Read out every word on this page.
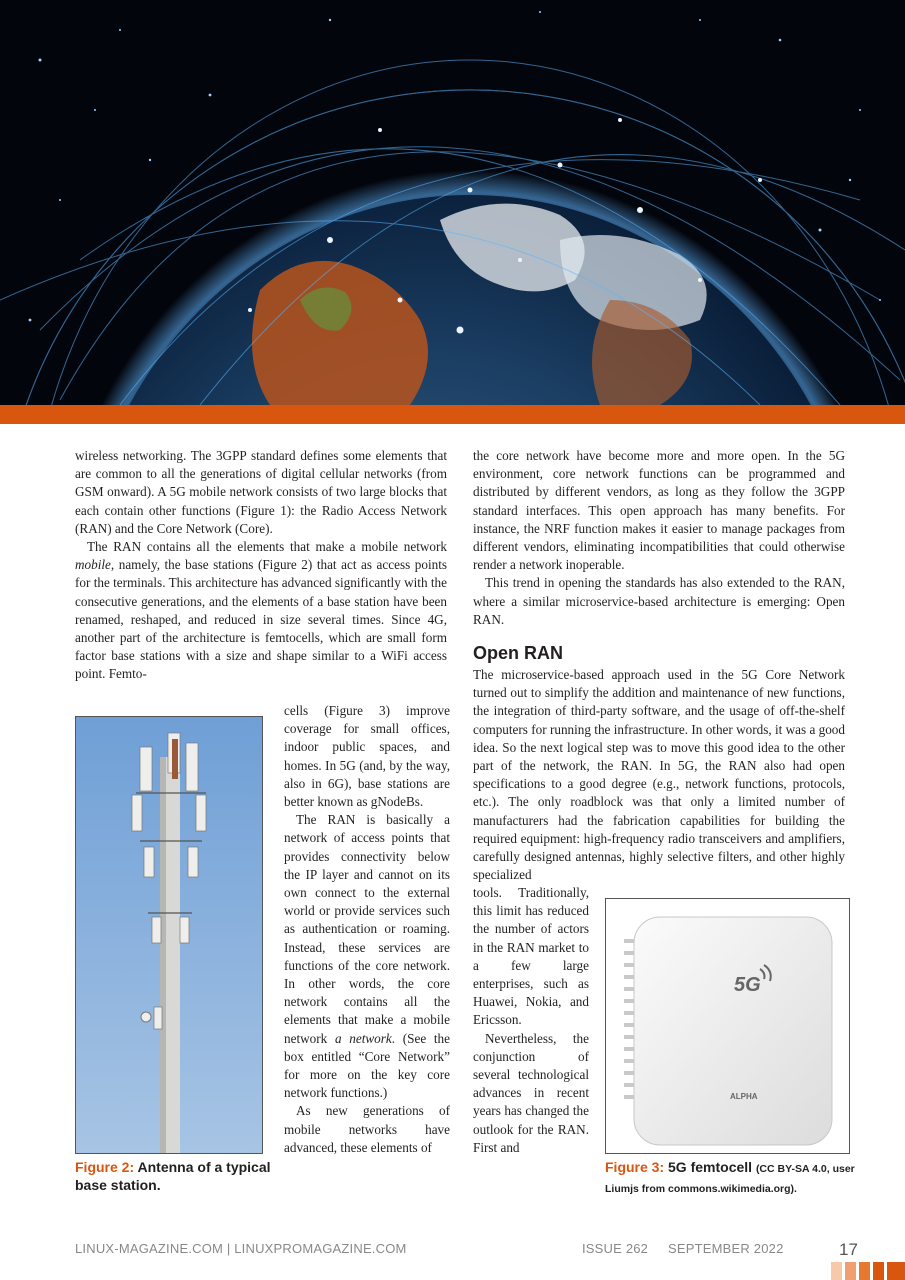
wireless networking. The 3GPP standard defines some elements that are common to all the generations of digital cellular networks (from GSM onward). A 5G mobile network consists of two large blocks that each contain other functions (Figure 1): the Radio Access Network (RAN) and the Core Network (Core).

The RAN contains all the elements that make a mobile network mobile, namely, the base stations (Figure 2) that act as access points for the terminals. This architecture has advanced significantly with the consecutive generations, and the elements of a base station have been renamed, reshaped, and reduced in size several times. Since 4G, another part of the architecture is femtocells, which are small form factor base stations with a size and shape similar to a WiFi access point. Femto-

cells (Figure 3) improve coverage for small offices, indoor public spaces, and homes. In 5G (and, by the way, also in 6G), base stations are better known as gNodeBs.

The RAN is basically a network of access points that provides connectivity below the IP layer and cannot on its own connect to the external world or provide services such as authentication or roaming. Instead, these services are functions of the core network. In other words, the core network contains all the elements that make a mobile network a network. (See the box entitled “Core Network” for more on the key core network functions.)

As new generations of mobile networks have advanced, these elements of

the core network have become more and more open. In the 5G environment, core network functions can be programmed and distributed by different vendors, as long as they follow the 3GPP standard interfaces. This open approach has many benefits. For instance, the NRF function makes it easier to manage packages from different vendors, eliminating incompatibilities that could otherwise render a network inoperable.

This trend in opening the standards has also extended to the RAN, where a similar microservice-based architecture is emerging: Open RAN.

Open RAN

The microservice-based approach used in the 5G Core Network turned out to simplify the addition and maintenance of new functions, the integration of third-party software, and the usage of off-the-shelf computers for running the infrastructure. In other words, it was a good idea. So the next logical step was to move this good idea to the other part of the network, the RAN. In 5G, the RAN also had open specifications to a good degree (e.g., network functions, protocols, etc.). The only roadblock was that only a limited number of manufacturers had the fabrication capabilities for building the required equipment: high-frequency radio transceivers and amplifiers, carefully designed antennas, highly selective filters, and other highly specialized

tools. Traditionally, this limit has reduced the number of actors in the RAN market to a few large enterprises, such as Huawei, Nokia, and Ericsson.

Nevertheless, the conjunction of several technological advances in recent years has changed the outlook for the RAN. First and

5G
ALPHA
Figure 2: Antenna of a typical base station.
Figure 3: 5G femtocell (CC BY-SA 4.0, user Liumjs from commons.wikimedia.org).
LINUX-MAGAZINE.COM | LINUXPROMAGAZINE.COM	ISSUE 262 SEPTEMBER 2022	17
